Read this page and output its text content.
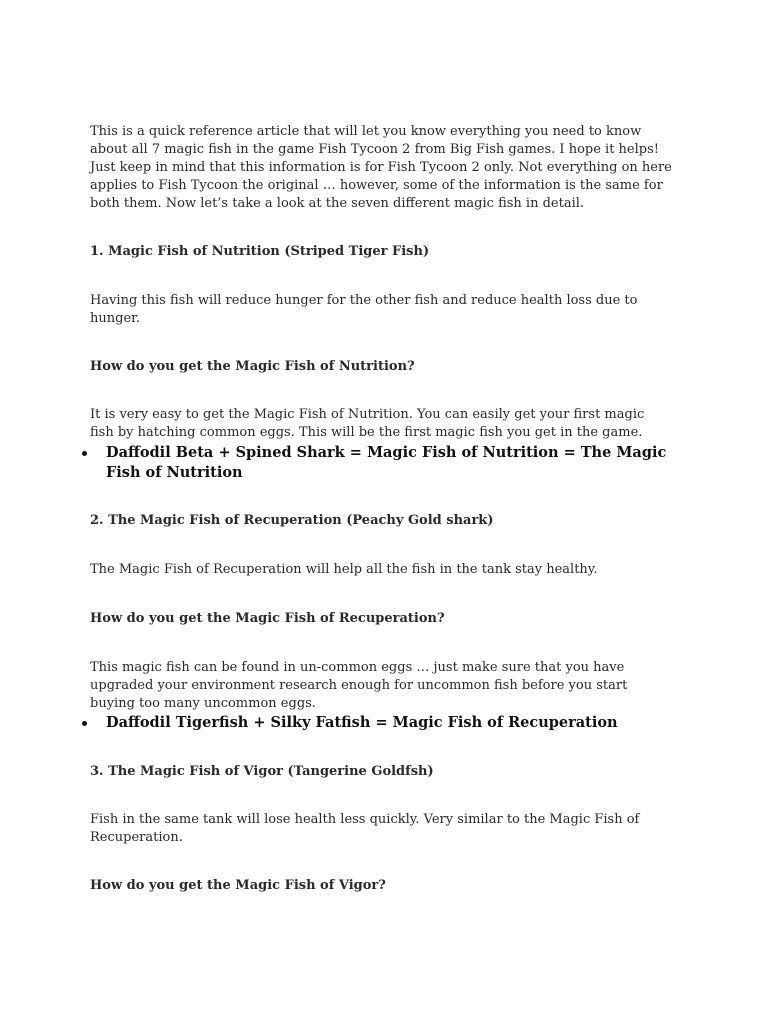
This is a quick reference article that will let you know everything you need to know about all 7 magic fish in the game Fish Tycoon 2 from Big Fish games. I hope it helps! Just keep in mind that this information is for Fish Tycoon 2 only. Not everything on here applies to Fish Tycoon the original … however, some of the information is the same for both them. Now let’s take a look at the seven different magic fish in detail.

1. Magic Fish of Nutrition (Striped Tiger Fish)

Having this fish will reduce hunger for the other fish and reduce health loss due to hunger.

How do you get the Magic Fish of Nutrition?

It is very easy to get the Magic Fish of Nutrition. You can easily get your first magic fish by hatching common eggs. This will be the first magic fish you get in the game.

Daffodil Beta + Spined Shark = Magic Fish of Nutrition = The Magic Fish of Nutrition

2. The Magic Fish of Recuperation (Peachy Gold shark)

The Magic Fish of Recuperation will help all the fish in the tank stay healthy.

How do you get the Magic Fish of Recuperation?

This magic fish can be found in un-common eggs … just make sure that you have upgraded your environment research enough for uncommon fish before you start buying too many uncommon eggs.

Daffodil Tigerfish + Silky Fatfish = Magic Fish of Recuperation

3. The Magic Fish of Vigor (Tangerine Goldfsh)

Fish in the same tank will lose health less quickly. Very similar to the Magic Fish of Recuperation.

How do you get the Magic Fish of Vigor?
